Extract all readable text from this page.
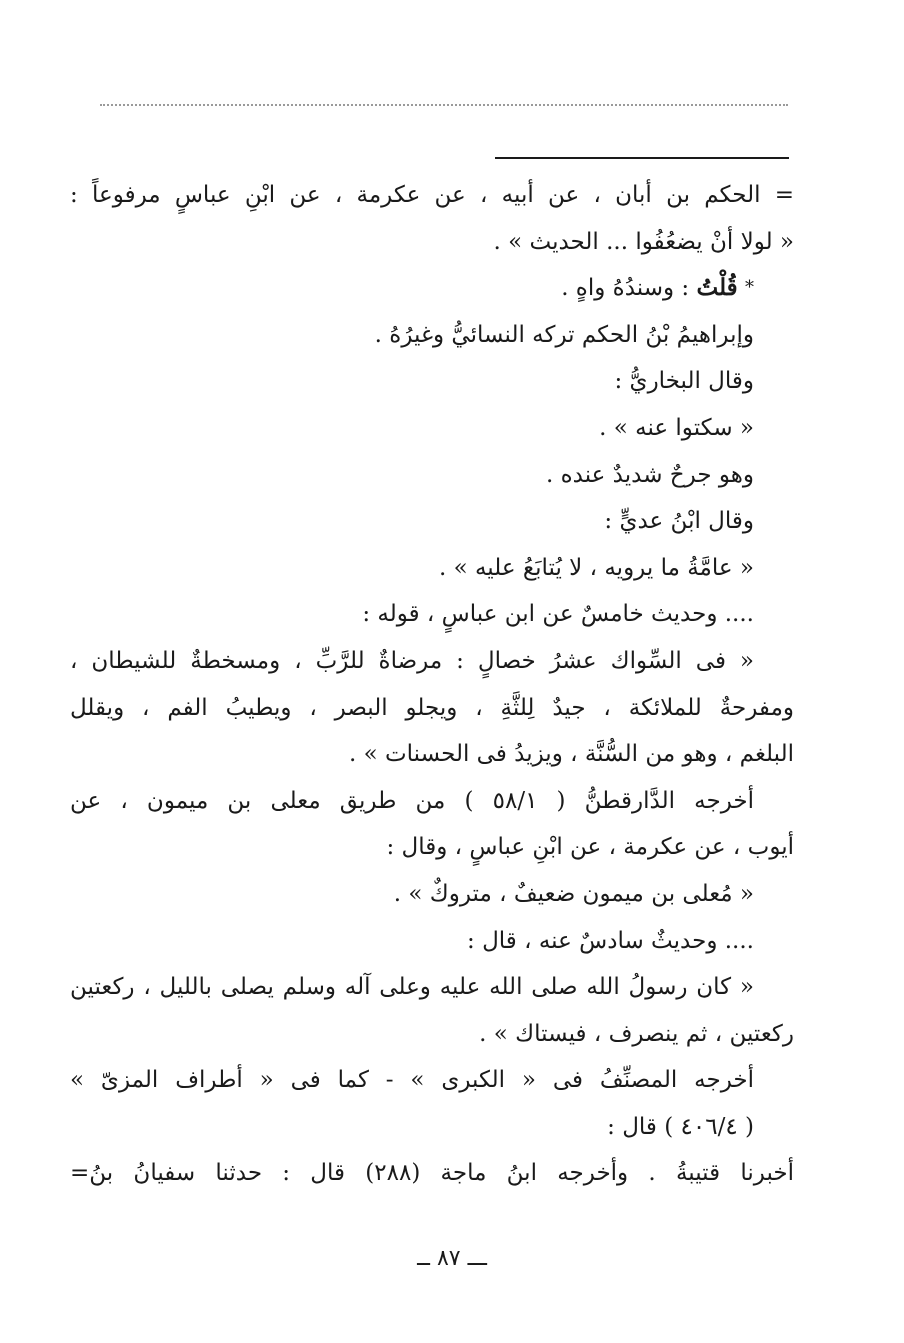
= الحكم بن أبان ، عن أبيه ، عن عكرمة ، عن ابْنِ عباسٍ مرفوعاً :
« لولا أنْ يضعُفُوا ... الحديث » .
* قُلْتُ : وسندُهُ واهٍ .
وإبراهيمُ بْنُ الحكم تركه النسائيُّ وغيرُهُ .
وقال البخاريُّ :
« سكتوا عنه » .
وهو جرحٌ شديدٌ عنده .
وقال ابْنُ عديٍّ :
« عامَّةُ ما يرويه ، لا يُتابَعُ عليه » .
.... وحديث خامسٌ عن ابن عباسٍ ، قوله :
« فى السِّواك عشرُ خصالٍ : مرضاةٌ للرَّبِّ ، ومسخطةٌ للشيطان ،
ومفرحةٌ للملائكة ، جيدٌ لِلثَّةِ ، ويجلو البصر ، ويطيبُ الفم ، ويقلل
البلغم ، وهو من السُّنَّة ، ويزيدُ فى الحسنات » .
أخرجه الدَّارقطنُّ ( ٥٨/١ ) من طريق معلى بن ميمون ، عن
أيوب ، عن عكرمة ، عن ابْنِ عباسٍ ، وقال :
« مُعلى بن ميمون ضعيفٌ ، متروكٌ » .
.... وحديثٌ سادسٌ عنه ، قال :
« كان رسولُ الله صلى الله عليه وعلى آله وسلم يصلى بالليل ، ركعتين
ركعتين ، ثم ينصرف ، فيستاك » .
أخرجه المصنِّفُ فى « الكبرى » - كما فى « أطراف المزىّ »
( ٤٠٦/٤ ) قال :
أخبرنا قتيبةُ . وأخرجه ابنُ ماجة (٢٨٨) قال : حدثنا سفيانُ بنُ=
ـــ ٨٧ ــ
